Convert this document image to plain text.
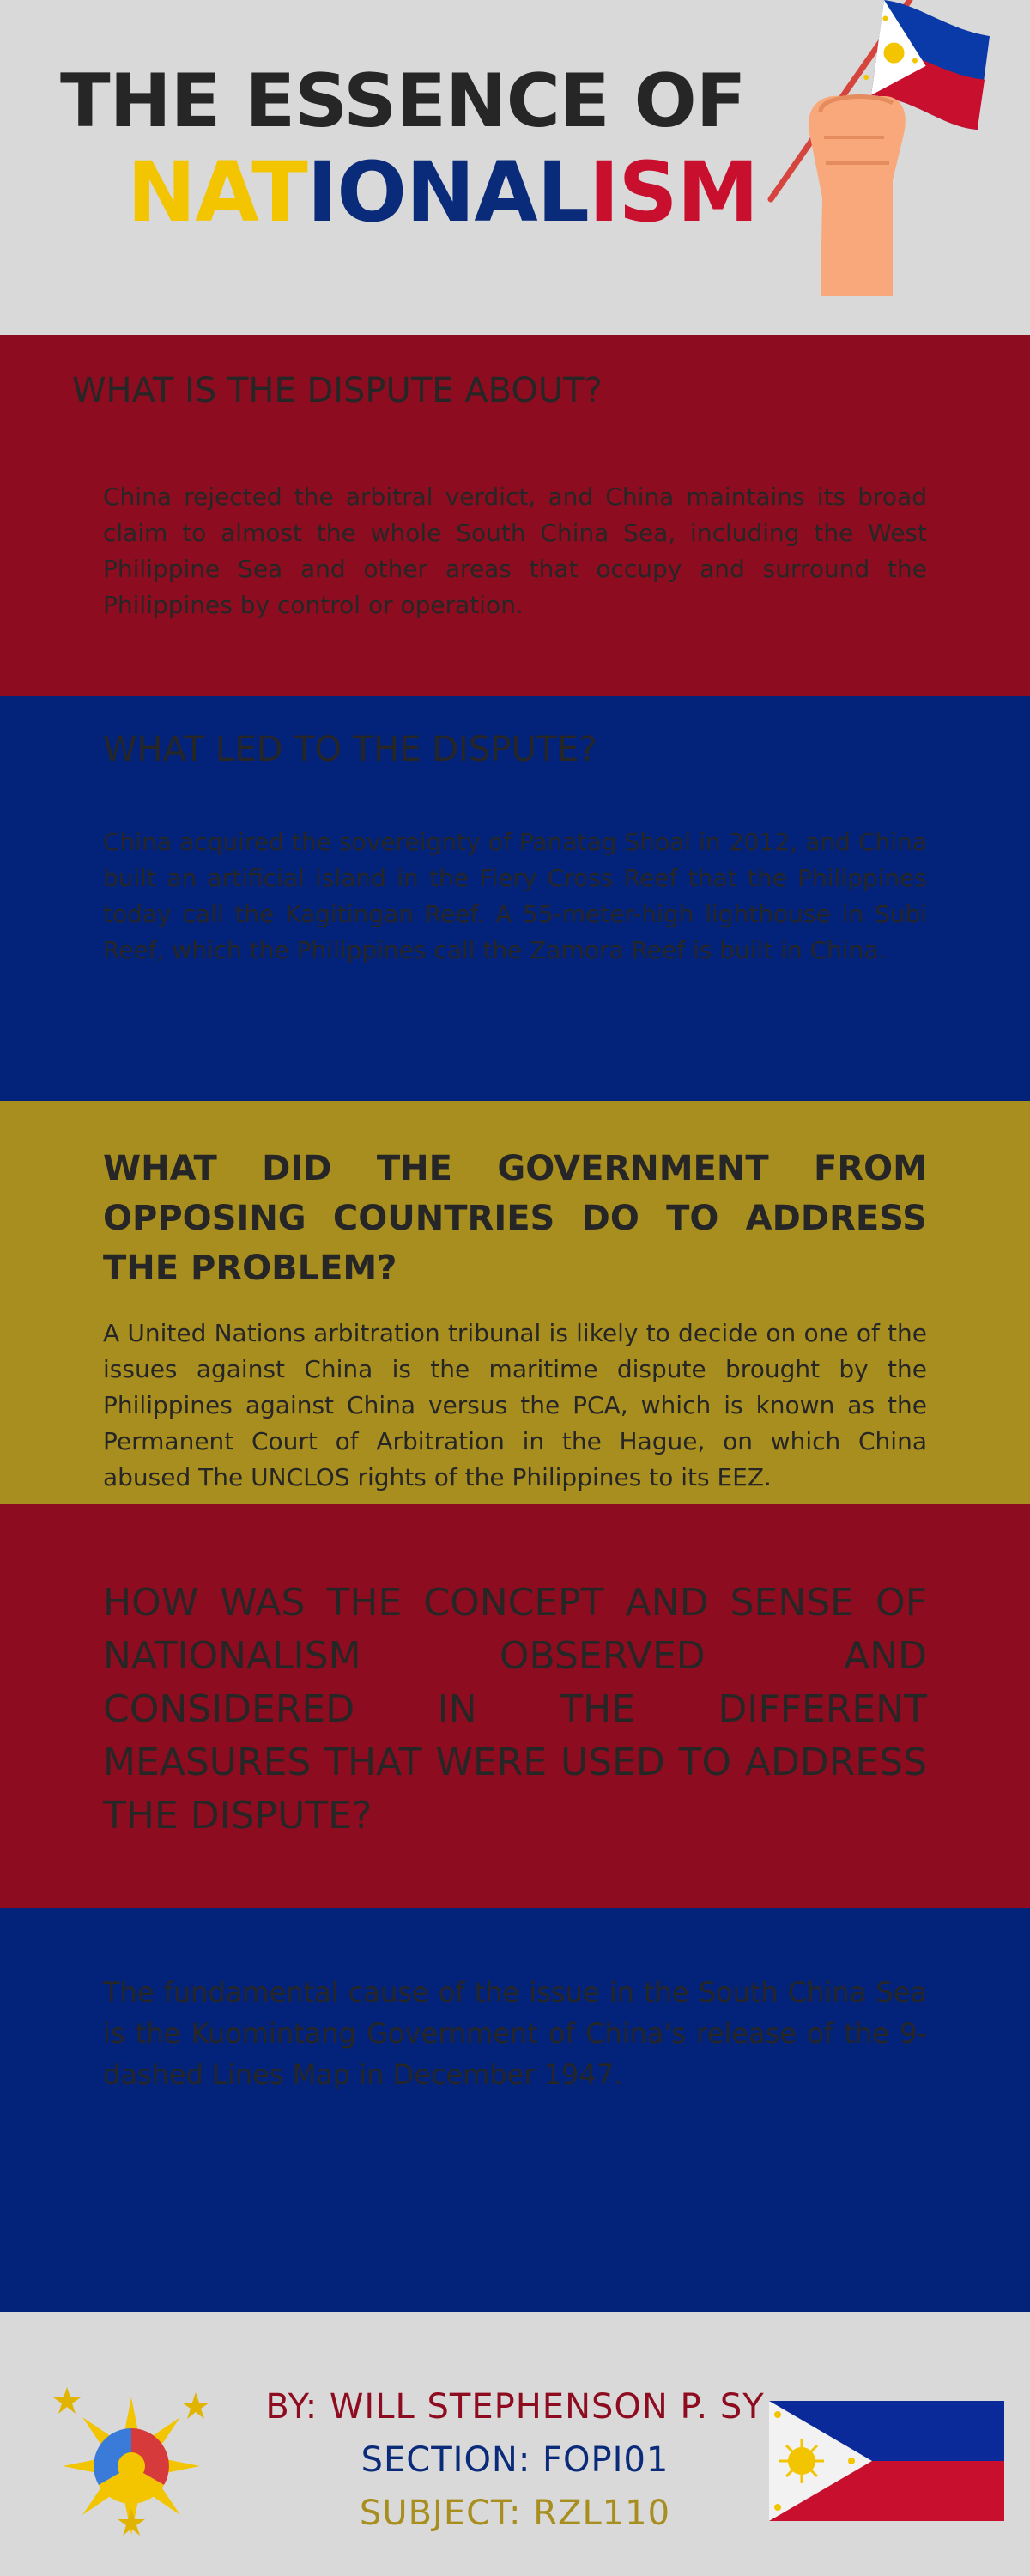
THE ESSENCE OF
NATIONALISM
WHAT IS THE DISPUTE ABOUT?

China rejected the arbitral verdict, and China maintains its broad claim to almost the whole South China Sea, including the West Philippine Sea and other areas that occupy and surround the Philippines by control or operation.

WHAT LED TO THE DISPUTE?

China acquired the sovereignty of Panatag Shoal in 2012, and China built an artificial island in the Fiery Cross Reef that the Philippines today call the Kagitingan Reef. A 55-meter-high lighthouse in Subi Reef, which the Philippines call the Zamora Reef is built in China.

WHAT DID THE GOVERNMENT FROM OPPOSING COUNTRIES DO TO ADDRESS THE PROBLEM?

A United Nations arbitration tribunal is likely to decide on one of the issues against China is the maritime dispute brought by the Philippines against China versus the PCA, which is known as the Permanent Court of Arbitration in the Hague, on which China abused The UNCLOS rights of the Philippines to its EEZ.

HOW WAS THE CONCEPT AND SENSE OF NATIONALISM OBSERVED AND CONSIDERED IN THE DIFFERENT MEASURES THAT WERE USED TO ADDRESS THE DISPUTE?

The fundamental cause of the issue in the South China Sea is the Kuomintang Government of China's release of the 9-dashed Lines Map in December 1947.

BY: WILL STEPHENSON P. SY

SECTION: FOPI01

SUBJECT: RZL110
